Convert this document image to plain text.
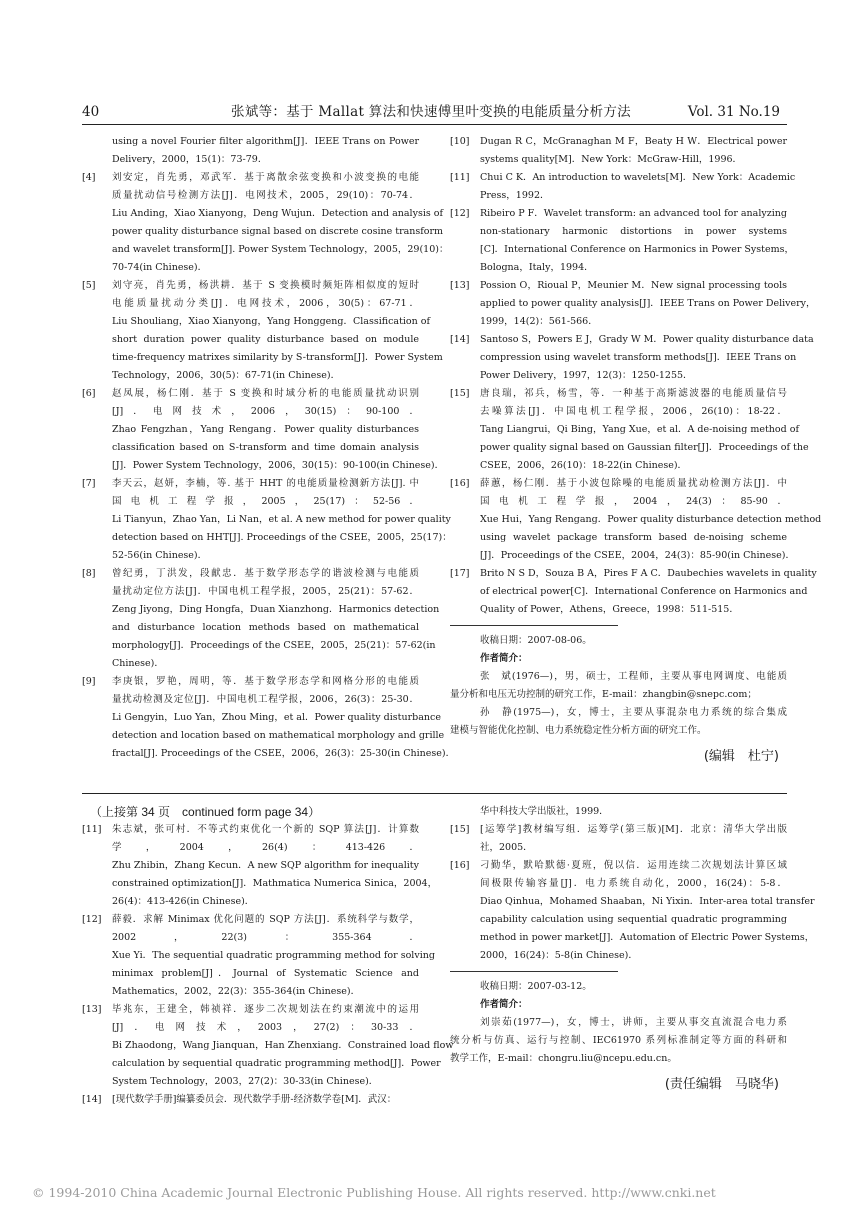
40	张斌等：基于 Mallat 算法和快速傅里叶变换的电能质量分析方法	Vol. 31 No.19
using a novel Fourier filter algorithm[J]．IEEE Trans on Power
Delivery，2000，15(1)：73-79．
[4] 刘安定，肖先勇，邓武军．基于离散余弦变换和小波变换的电能
质量扰动信号检测方法[J]．电网技术，2005，29(10)：70-74．
Liu Anding，Xiao Xianyong，Deng Wujun．Detection and analysis of
power quality disturbance signal based on discrete cosine transform
and wavelet transform[J]. Power System Technology，2005，29(10)：
70-74(in Chinese)．
[5] 刘守亮，肖先勇，杨洪耕．基于 S 变换模时频矩阵相似度的短时
电能质量扰动分类[J]．电网技术，2006，30(5)：67-71．
Liu Shouliang，Xiao Xianyong，Yang Honggeng．Classification of
short duration power quality disturbance based on module
time-frequency matrixes similarity by S-transform[J]．Power System
Technology，2006，30(5)：67-71(in Chinese)．
[6] 赵凤展，杨仁刚．基于 S 变换和时域分析的电能质量扰动识别
[J]．电网技术，2006，30(15)：90-100．
Zhao Fengzhan，Yang Rengang．Power quality disturbances
classification based on S-transform and time domain analysis
[J]．Power System Technology，2006，30(15)：90-100(in Chinese)．
[7] 李天云，赵妍，李楠，等. 基于 HHT 的电能质量检测新方法[J]. 中
国电机工程学报，2005，25(17)：52-56．
Li Tianyun，Zhao Yan，Li Nan，et al. A new method for power quality
detection based on HHT[J]. Proceedings of the CSEE，2005，25(17)：
52-56(in Chinese)．
[8] 曾纪勇，丁洪发，段献忠．基于数学形态学的谐波检测与电能质
量扰动定位方法[J]．中国电机工程学报，2005，25(21)：57-62．
Zeng Jiyong，Ding Hongfa，Duan Xianzhong．Harmonics detection
and disturbance location methods based on mathematical
morphology[J]．Proceedings of the CSEE，2005，25(21)：57-62(in
Chinese)．
[9] 李庚银，罗艳，周明，等．基于数学形态学和网格分形的电能质
量扰动检测及定位[J]．中国电机工程学报，2006，26(3)：25-30．
Li Gengyin，Luo Yan，Zhou Ming，et al．Power quality disturbance
detection and location based on mathematical morphology and grille
fractal[J]. Proceedings of the CSEE，2006，26(3)：25-30(in Chinese)．
[10] Dugan R C，McGranaghan M F，Beaty H W．Electrical power
systems quality[M]．New York：McGraw-Hill，1996．
[11] Chui C K．An introduction to wavelets[M]．New York：Academic
Press，1992．
[12] Ribeiro P F．Wavelet transform: an advanced tool for analyzing
non-stationary harmonic distortions in power systems
[C]．International Conference on Harmonics in Power Systems，
Bologna，Italy，1994．
[13] Possion O，Rioual P，Meunier M．New signal processing tools
applied to power quality analysis[J]．IEEE Trans on Power Delivery，
1999，14(2)：561-566．
[14] Santoso S，Powers E J，Grady W M．Power quality disturbance data
compression using wavelet transform methods[J]．IEEE Trans on
Power Delivery，1997，12(3)：1250-1255．
[15] 唐良瑞，祁兵，杨雪，等．一种基于高斯滤波器的电能质量信号
去噪算法[J]．中国电机工程学报，2006，26(10)：18-22．
Tang Liangrui，Qi Bing，Yang Xue，et al．A de-noising method of
power quality signal based on Gaussian filter[J]．Proceedings of the
CSEE，2006，26(10)：18-22(in Chinese)．
[16] 薛蕙，杨仁刚．基于小波包除噪的电能质量扰动检测方法[J]．中
国电机工程学报，2004，24(3)：85-90．
Xue Hui，Yang Rengang．Power quality disturbance detection method
using wavelet package transform based de-noising scheme
[J]．Proceedings of the CSEE，2004，24(3)：85-90(in Chinese)．
[17] Brito N S D，Souza B A，Pires F A C．Daubechies wavelets in quality
of electrical power[C]．International Conference on Harmonics and
Quality of Power，Athens，Greece，1998：511-515．
收稿日期：2007-08-06。
作者简介：
张　斌(1976—)，男，硕士，工程师，主要从事电网调度、电能质
量分析和电压无功控制的研究工作，E-mail：zhangbin@snepc.com；
孙　静(1975—)，女，博士，主要从事混杂电力系统的综合集成
建模与智能优化控制、电力系统稳定性分析方面的研究工作。
(编辑　杜宁)
（上接第 34 页　continued form page 34）
[11] 朱志斌，张可村．不等式约束优化一个新的 SQP 算法[J]．计算数
学，2004，26(4)：413-426．
Zhu Zhibin，Zhang Kecun．A new SQP algorithm for inequality
constrained optimization[J]．Mathmatica Numerica Sinica，2004，
26(4)：413-426(in Chinese)．
[12] 薛毅．求解 Minimax 优化问题的 SQP 方法[J]．系统科学与数学，
2002，22(3)：355-364．
Xue Yi．The sequential quadratic programming method for solving
minimax problem[J]．Journal of Systematic Science and
Mathematics，2002，22(3)：355-364(in Chinese)．
[13] 毕兆东，王建全，韩祯祥．逐步二次规划法在约束潮流中的运用
[J]．电网技术，2003，27(2)：30-33．
Bi Zhaodong，Wang Jianquan，Han Zhenxiang．Constrained load flow
calculation by sequential quadratic programming method[J]．Power
System Technology，2003，27(2)：30-33(in Chinese)．
[14] [现代数学手册]编纂委员会．现代数学手册-经济数学卷[M]．武汉：
华中科技大学出版社，1999．
[15] [运筹学]教材编写组．运筹学(第三版)[M]．北京：清华大学出版
社，2005．
[16] 刁勤华，默哈默德·夏班，倪以信．运用连续二次规划法计算区域
间极限传输容量[J]．电力系统自动化，2000，16(24)：5-8．
Diao Qinhua，Mohamed Shaaban，Ni Yixin．Inter-area total transfer
capability calculation using sequential quadratic programming
method in power market[J]．Automation of Electric Power Systems，
2000，16(24)：5-8(in Chinese)．
收稿日期：2007-03-12。
作者简介：
刘崇茹(1977—)，女，博士，讲师，主要从事交直流混合电力系
统分析与仿真、运行与控制、IEC61970 系列标准制定等方面的科研和
教学工作，E-mail：chongru.liu@ncepu.edu.cn。
(责任编辑　马晓华)
© 1994-2010 China Academic Journal Electronic Publishing House. All rights reserved. http://www.cnki.net
